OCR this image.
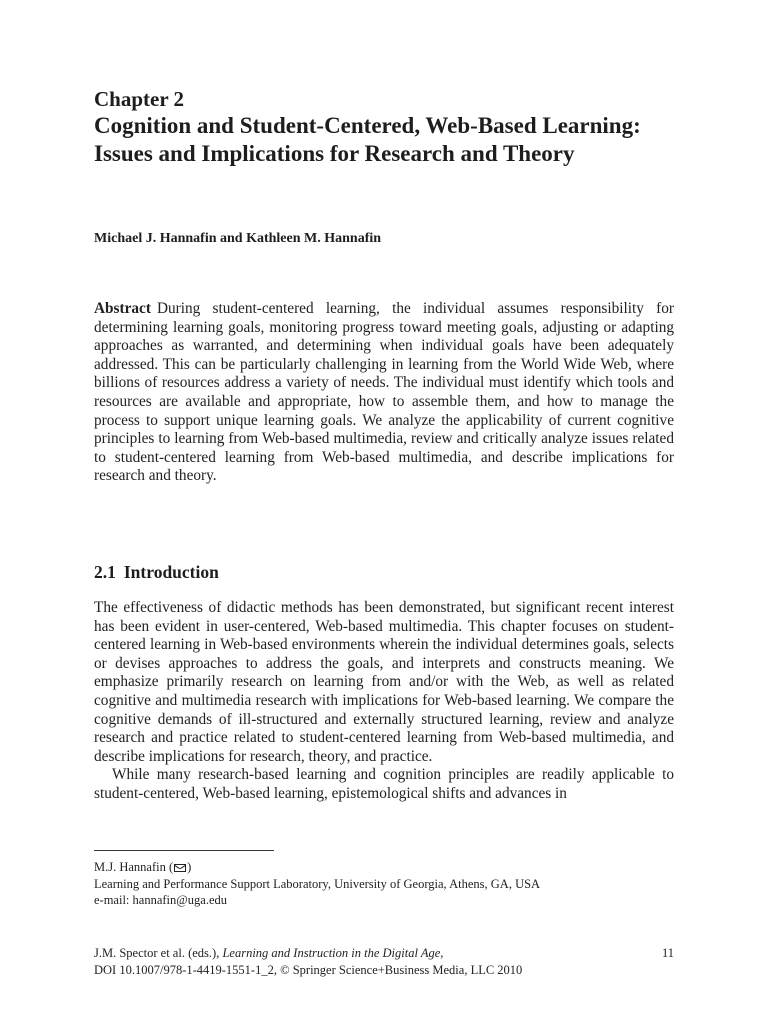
Chapter 2
Cognition and Student-Centered, Web-Based Learning: Issues and Implications for Research and Theory
Michael J. Hannafin and Kathleen M. Hannafin
Abstract During student-centered learning, the individual assumes responsibility for determining learning goals, monitoring progress toward meeting goals, adjusting or adapting approaches as warranted, and determining when individual goals have been adequately addressed. This can be particularly challenging in learning from the World Wide Web, where billions of resources address a variety of needs. The individual must identify which tools and resources are available and appropriate, how to assemble them, and how to manage the process to support unique learning goals. We analyze the applicability of current cognitive principles to learning from Web-based multimedia, review and critically analyze issues related to student-centered learning from Web-based multimedia, and describe implications for research and theory.
2.1 Introduction

The effectiveness of didactic methods has been demonstrated, but significant recent interest has been evident in user-centered, Web-based multimedia. This chapter focuses on student-centered learning in Web-based environments wherein the individual determines goals, selects or devises approaches to address the goals, and interprets and constructs meaning. We emphasize primarily research on learning from and/or with the Web, as well as related cognitive and multimedia research with implications for Web-based learning. We compare the cognitive demands of ill-structured and externally structured learning, review and analyze research and practice related to student-centered learning from Web-based multimedia, and describe implications for research, theory, and practice.

While many research-based learning and cognition principles are readily applicable to student-centered, Web-based learning, epistemological shifts and advances in

M.J. Hannafin ( )
Learning and Performance Support Laboratory, University of Georgia, Athens, GA, USA
e-mail: hannafin@uga.edu
J.M. Spector et al. (eds.), Learning and Instruction in the Digital Age,
DOI 10.1007/978-1-4419-1551-1_2, © Springer Science+Business Media, LLC 2010
11
